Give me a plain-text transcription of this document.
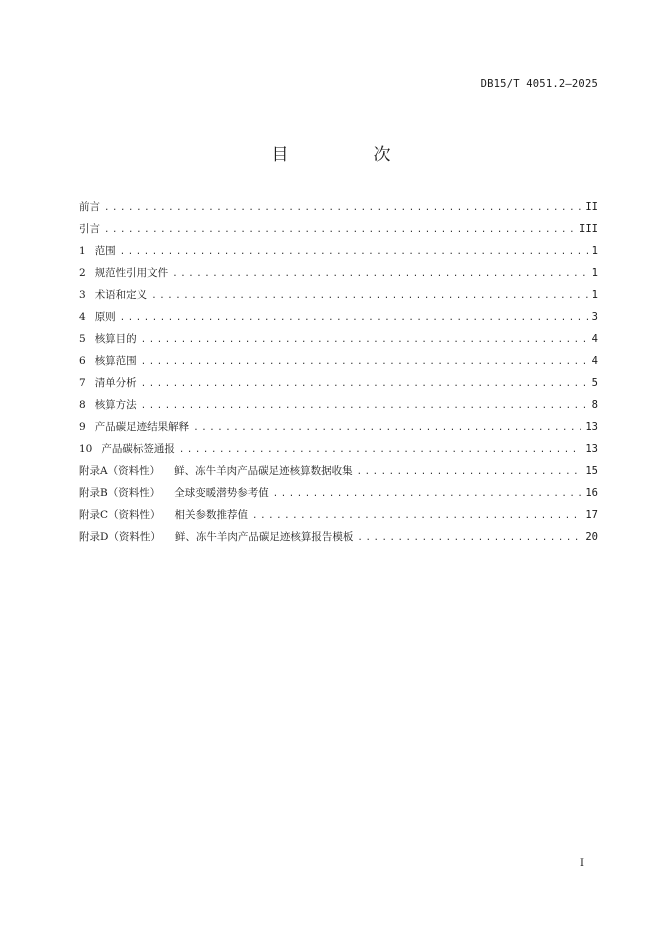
DB15/T 4051.2—2025
目　次
前言 .....	II
引言 .....	III
1 范围 .....	1
2 规范性引用文件 .....	1
3 术语和定义 .....	1
4 原则 .....	3
5 核算目的 .....	4
6 核算范围 .....	4
7 清单分析 .....	5
8 核算方法 .....	8
9 产品碳足迹结果解释 .....	13
10 产品碳标签通报 .....	13
附录A（资料性） 鲜、冻牛羊肉产品碳足迹核算数据收集 .....	15
附录B（资料性） 全球变暖潜势参考值 .....	16
附录C（资料性） 相关参数推荐值 .....	17
附录D（资料性） 鲜、冻牛羊肉产品碳足迹核算报告模板 .....	20
I
